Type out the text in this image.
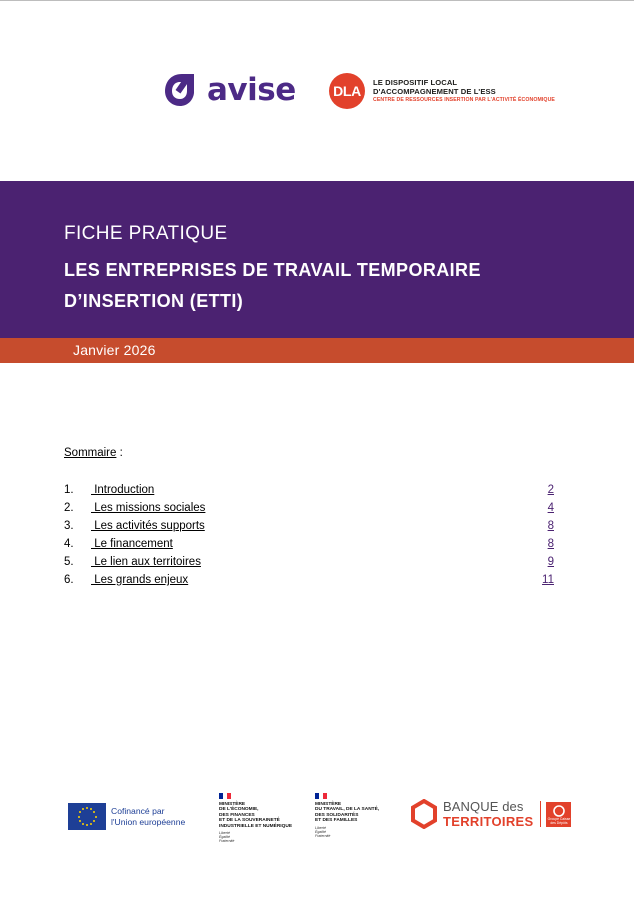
avise	DLA
LE DISPOSITIF LOCAL
D'ACCOMPAGNEMENT DE L'ESS
CENTRE DE RESSOURCES INSERTION PAR L'ACTIVITÉ ÉCONOMIQUE
FICHE PRATIQUE
LES ENTREPRISES DE TRAVAIL TEMPORAIRE
D’INSERTION (ETTI)
Janvier 2026
Sommaire :
1. Introduction	2
2. Les missions sociales	4
3. Les activités supports	8
4. Le financement	8
5. Le lien aux territoires	9
6. Les grands enjeux	11
Cofinancé par
l'Union européenne
MINISTÈRE
DE L'ÉCONOMIE,
DES FINANCES
ET DE LA SOUVERAINETÉ
INDUSTRIELLE ET NUMÉRIQUE
Liberté
Égalité
Fraternité
MINISTÈRE
DU TRAVAIL, DE LA SANTÉ,
DES SOLIDARITÉS
ET DES FAMILLES
Liberté
Égalité
Fraternité
BANQUE des
TERRITOIRES	Groupe Caisse des Dépôts
